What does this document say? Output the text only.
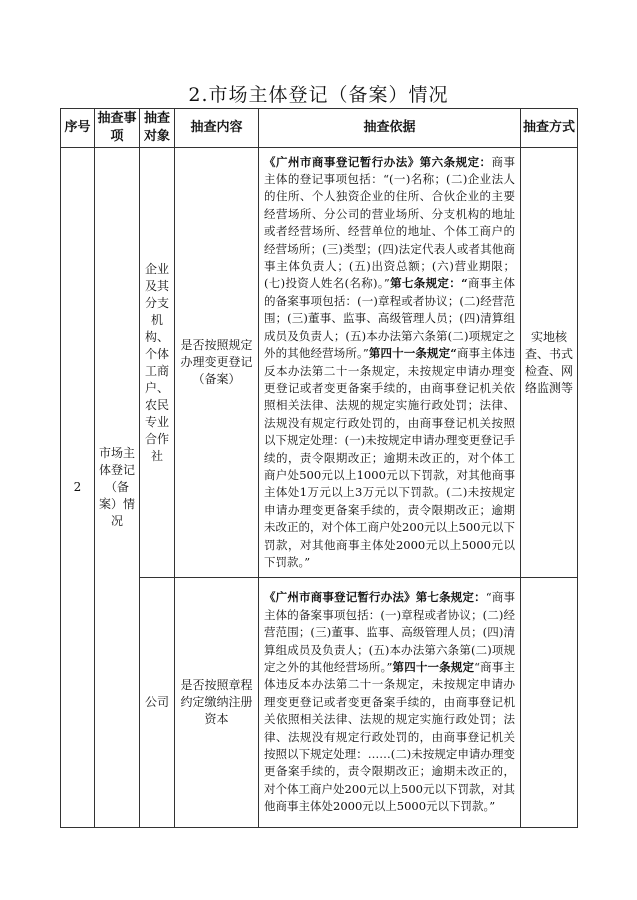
2.市场主体登记（备案）情况
序号	抽查事项	抽查对象	抽查内容	抽查依据	抽查方式

2	市场主体登记（备案）情况	企业及其分支机构、个体工商户、农民专业合作社	是否按照规定办理变更登记（备案）	《广州市商事登记暂行办法》第六条规定：商事主体的登记事项包括：“(一)名称；(二)企业法人的住所、个人独资企业的住所、合伙企业的主要经营场所、分公司的营业场所、分支机构的地址或者经营场所、经营单位的地址、个体工商户的经营场所；(三)类型；(四)法定代表人或者其他商事主体负责人；(五)出资总额；(六)营业期限；(七)投资人姓名(名称)。”第七条规定：“商事主体的备案事项包括：(一)章程或者协议；(二)经营范围；(三)董事、监事、高级管理人员；(四)清算组成员及负责人；(五)本办法第六条第(二)项规定之外的其他经营场所。”第四十一条规定“商事主体违反本办法第二十一条规定，未按规定申请办理变更登记或者变更备案手续的，由商事登记机关依照相关法律、法规的规定实施行政处罚；法律、法规没有规定行政处罚的，由商事登记机关按照以下规定处理：(一)未按规定申请办理变更登记手续的，责令限期改正；逾期未改正的，对个体工商户处500元以上1000元以下罚款，对其他商事主体处1万元以上3万元以下罚款。(二)未按规定申请办理变更备案手续的，责令限期改正；逾期未改正的，对个体工商户处200元以上500元以下罚款，对其他商事主体处2000元以上5000元以下罚款。”	实地核查、书式检查、网络监测等

		公司	是否按照章程约定缴纳注册资本	《广州市商事登记暂行办法》第七条规定：“商事主体的备案事项包括：(一)章程或者协议；(二)经营范围；(三)董事、监事、高级管理人员；(四)清算组成员及负责人；(五)本办法第六条第(二)项规定之外的其他经营场所。”第四十一条规定“商事主体违反本办法第二十一条规定，未按规定申请办理变更登记或者变更备案手续的，由商事登记机关依照相关法律、法规的规定实施行政处罚；法律、法规没有规定行政处罚的，由商事登记机关按照以下规定处理：……(二)未按规定申请办理变更备案手续的，责令限期改正；逾期未改正的，对个体工商户处200元以上500元以下罚款，对其他商事主体处2000元以上5000元以下罚款。”	
